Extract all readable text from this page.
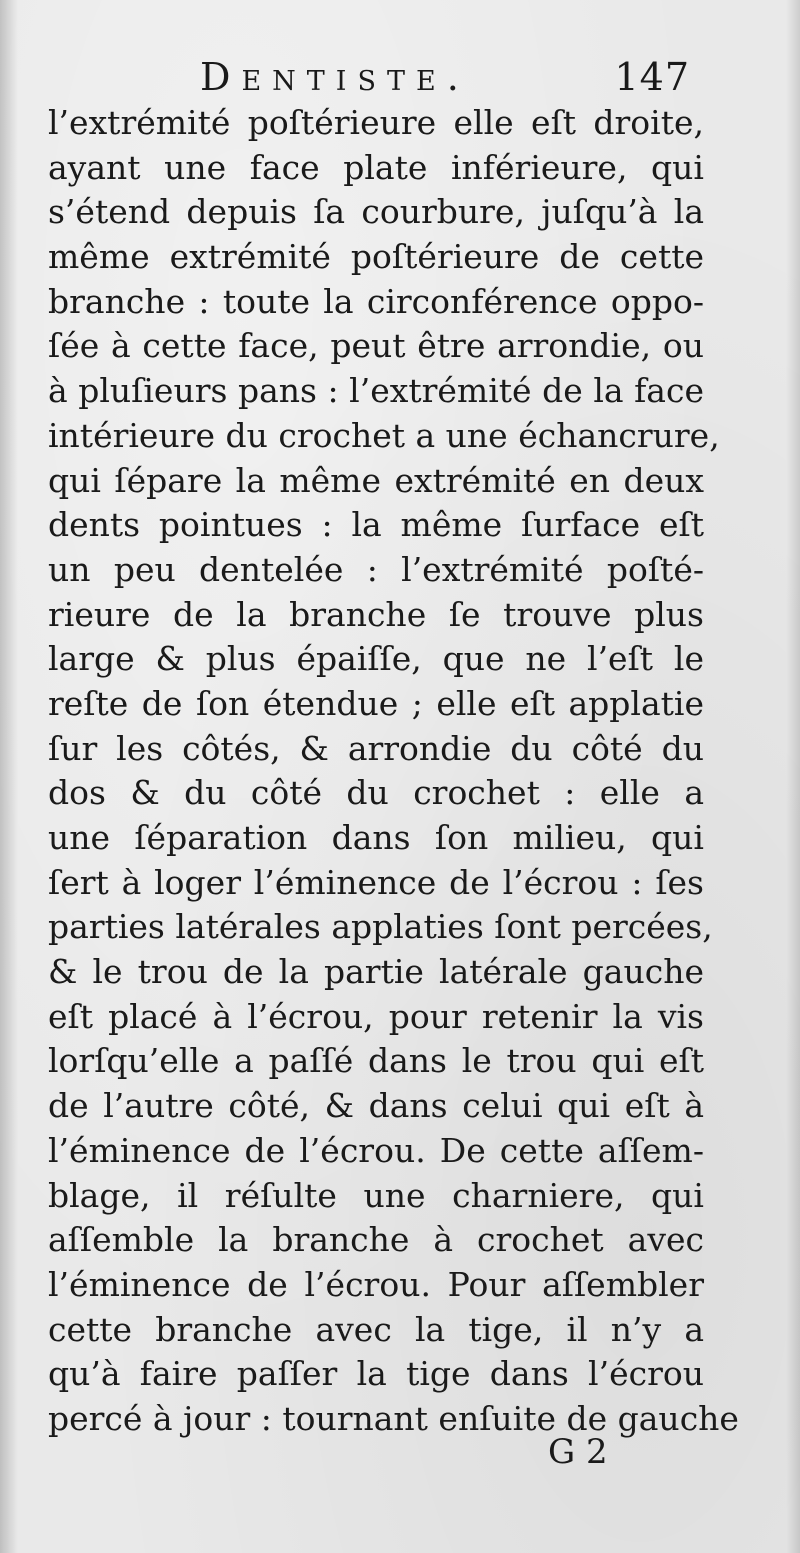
Dentiste.	147
l’extrémité poſtérieure elle eſt droite,
ayant une face plate inférieure, qui
s’étend depuis ſa courbure, juſqu’à la
même extrémité poſtérieure de cette
branche : toute la circonférence oppo-
ſée à cette face, peut être arrondie, ou
à pluſieurs pans : l’extrémité de la face
intérieure du crochet a une échancrure,
qui ſépare la même extrémité en deux
dents pointues : la même ſurface eſt
un peu dentelée : l’extrémité poſté-
rieure de la branche ſe trouve plus
large & plus épaiſſe, que ne l’eſt le
reſte de ſon étendue ; elle eſt applatie
ſur les côtés, & arrondie du côté du
dos & du côté du crochet : elle a
une ſéparation dans ſon milieu, qui
ſert à loger l’éminence de l’écrou : ſes
parties latérales applaties ſont percées,
& le trou de la partie latérale gauche
eſt placé à l’écrou, pour retenir la vis
lorſqu’elle a paſſé dans le trou qui eſt
de l’autre côté, & dans celui qui eſt à
l’éminence de l’écrou. De cette aſſem-
blage, il réſulte une charniere, qui
aſſemble la branche à crochet avec
l’éminence de l’écrou. Pour aſſembler
cette branche avec la tige, il n’y a
qu’à faire paſſer la tige dans l’écrou
percé à jour : tournant enſuite de gauche
G 2
